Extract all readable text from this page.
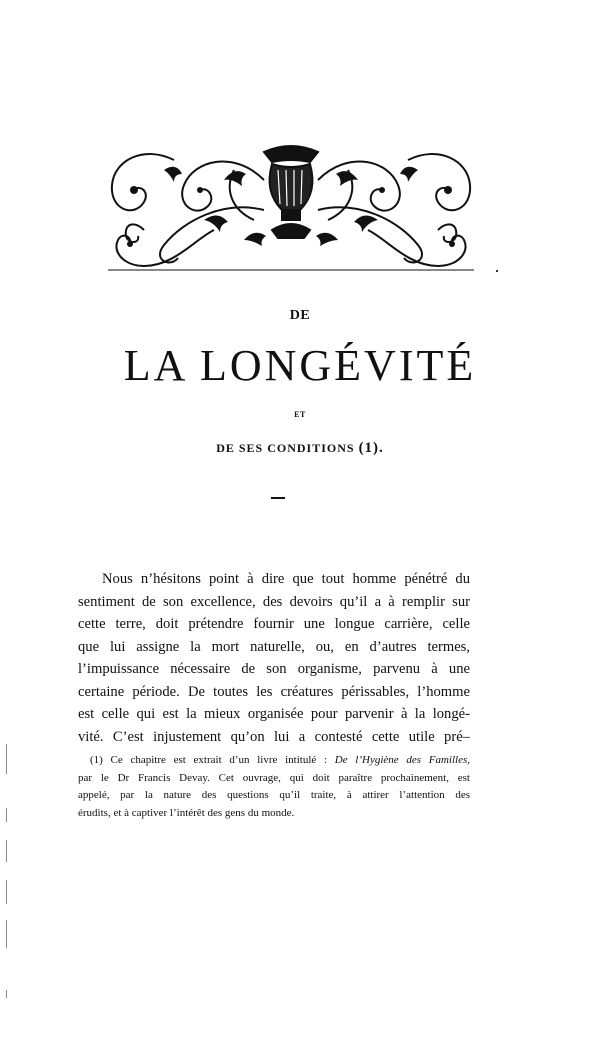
DE
LA LONGÉVITÉ
ET
DE SES CONDITIONS (1).
Nous n’hésitons point à dire que tout homme pénétré du
sentiment de son excellence, des devoirs qu’il a à remplir sur
cette terre, doit prétendre fournir une longue carrière, celle
que lui assigne la mort naturelle, ou, en d’autres termes,
l’impuissance nécessaire de son organisme, parvenu à une
certaine période. De toutes les créatures périssables, l’homme
est celle qui est la mieux organisée pour parvenir à la longé-
vité. C’est injustement qu’on lui a contesté cette utile pré–
(1) Ce chapitre est extrait d’un livre intitulé : De l’Hygiène des Familles,
par le Dr Francis Devay. Cet ouvrage, qui doit paraître prochainement, est
appelé, par la nature des questions qu’il traite, à attirer l’attention des
érudits, et à captiver l’intérêt des gens du monde.
